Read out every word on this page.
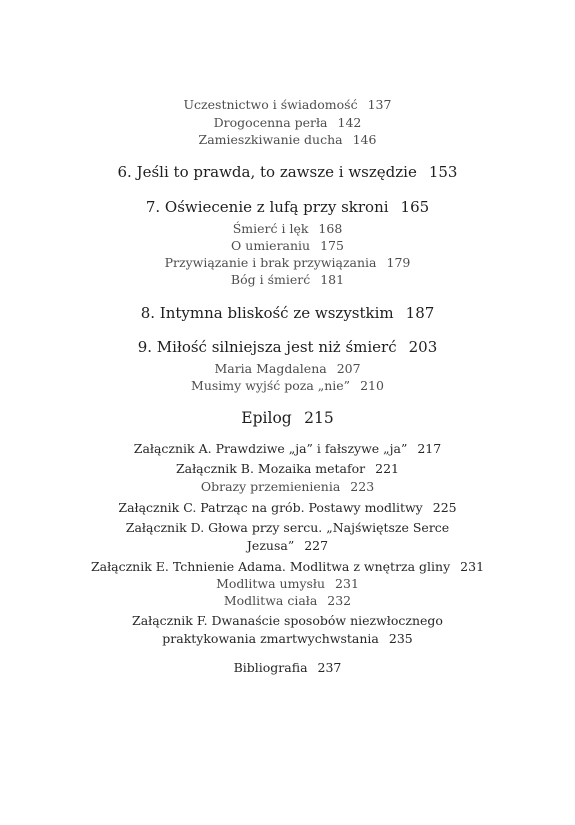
Uczestnictwo i świadomość 137
Drogocenna perła 142
Zamieszkiwanie ducha 146
6. Jeśli to prawda, to zawsze i wszędzie 153
7. Oświecenie z lufą przy skroni 165
Śmierć i lęk 168
O umieraniu 175
Przywiązanie i brak przywiązania 179
Bóg i śmierć 181
8. Intymna bliskość ze wszystkim 187
9. Miłość silniejsza jest niż śmierć 203
Maria Magdalena 207
Musimy wyjść poza „nie” 210
Epilog 215
Załącznik A. Prawdziwe „ja” i fałszywe „ja” 217
Załącznik B. Mozaika metafor 221
Obrazy przemienienia 223
Załącznik C. Patrząc na grób. Postawy modlitwy 225
Załącznik D. Głowa przy sercu. „Najświętsze Serce
Jezusa” 227
Załącznik E. Tchnienie Adama. Modlitwa z wnętrza gliny 231
Modlitwa umysłu 231
Modlitwa ciała 232
Załącznik F. Dwanaście sposobów niezwłocznego
praktykowania zmartwychwstania 235
Bibliografia 237
